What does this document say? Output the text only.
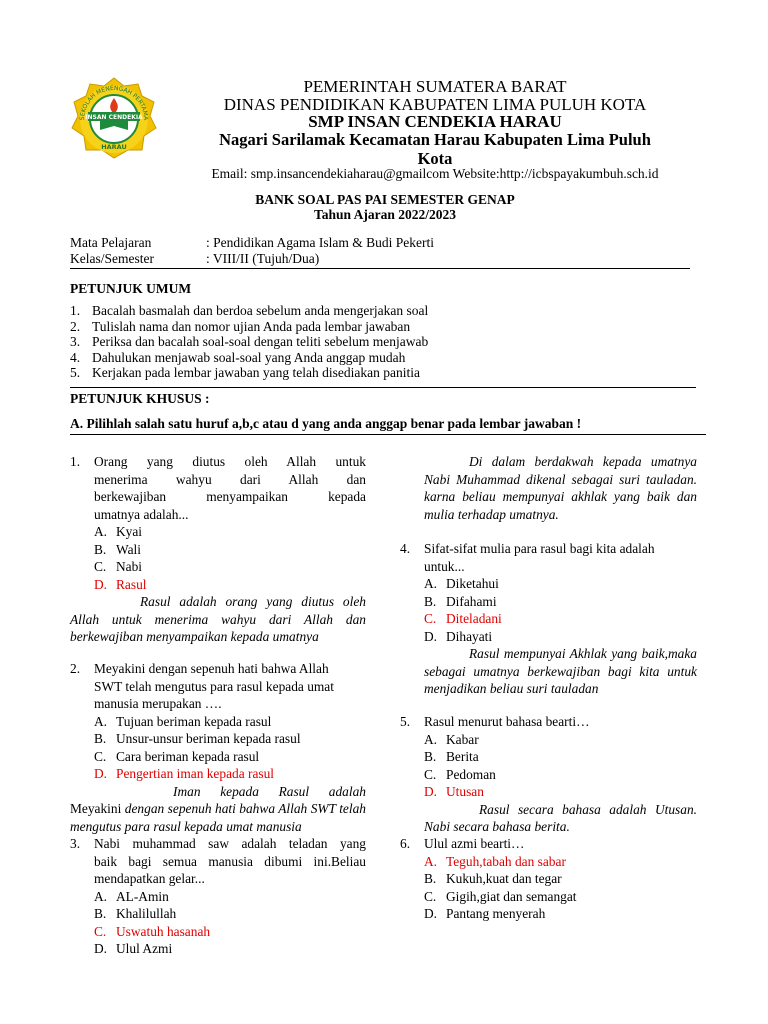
SEKOLAH MENENGAH PERTAMA
INSAN CENDEKIA
HARAU
PEMERINTAH SUMATERA BARAT
DINAS PENDIDIKAN KABUPATEN LIMA PULUH KOTA
SMP INSAN CENDEKIA HARAU
Nagari Sarilamak Kecamatan Harau Kabupaten Lima Puluh
Kota
Email: smp.insancendekiaharau@gmailcom Website:http://icbspayakumbuh.sch.id
BANK SOAL PAS PAI SEMESTER GENAP
Tahun Ajaran 2022/2023
Mata Pelajaran	: Pendidikan Agama Islam & Budi Pekerti
Kelas/Semester	: VIII/II (Tujuh/Dua)
PETUNJUK UMUM
1. Bacalah basmalah dan berdoa sebelum anda mengerjakan soal
2. Tulislah nama dan nomor ujian Anda pada lembar jawaban
3. Periksa dan bacalah soal-soal dengan teliti sebelum menjawab
4. Dahulukan menjawab soal-soal yang Anda anggap mudah
5. Kerjakan pada lembar jawaban yang telah disediakan panitia
PETUNJUK KHUSUS :
A. Pilihlah salah satu huruf a,b,c atau d yang anda anggap benar pada lembar jawaban !
1.	Orang yang diutus oleh Allah untuk
menerima wahyu dari Allah dan
berkewajiban menyampaikan kepada
umatnya adalah...
A. Kyai
B. Wali
C. Nabi
D. Rasul
Rasul adalah orang yang diutus oleh Allah untuk menerima wahyu dari Allah dan berkewajiban menyampaikan kepada umatnya
2.	Meyakini dengan sepenuh hati bahwa Allah
SWT telah mengutus para rasul kepada umat
manusia merupakan ….
A. Tujuan beriman kepada rasul
B. Unsur-unsur beriman kepada rasul
C. Cara beriman kepada rasul
D. Pengertian iman kepada rasul
Iman kepada Rasul adalah Meyakini dengan sepenuh hati bahwa Allah SWT telah mengutus para rasul kepada umat manusia
3.	Nabi muhammad saw adalah teladan yang
baik bagi semua manusia dibumi ini.Beliau
mendapatkan gelar...
A. AL-Amin
B. Khalilullah
C. Uswatuh hasanah
D. Ulul Azmi
Di dalam berdakwah kepada umatnya Nabi Muhammad dikenal sebagai suri tauladan. karna beliau mempunyai akhlak yang baik dan mulia terhadap umatnya.
4.	Sifat-sifat mulia para rasul bagi kita adalah
untuk...
A. Diketahui
B. Difahami
C. Diteladani
D. Dihayati
Rasul mempunyai Akhlak yang baik,maka sebagai umatnya berkewajiban bagi kita untuk menjadikan beliau suri tauladan
5.	Rasul menurut bahasa bearti…
A. Kabar
B. Berita
C. Pedoman
D. Utusan
Rasul secara bahasa adalah Utusan. Nabi secara bahasa berita.
6.	Ulul azmi bearti…
A. Teguh,tabah dan sabar
B. Kukuh,kuat dan tegar
C. Gigih,giat dan semangat
D. Pantang menyerah
